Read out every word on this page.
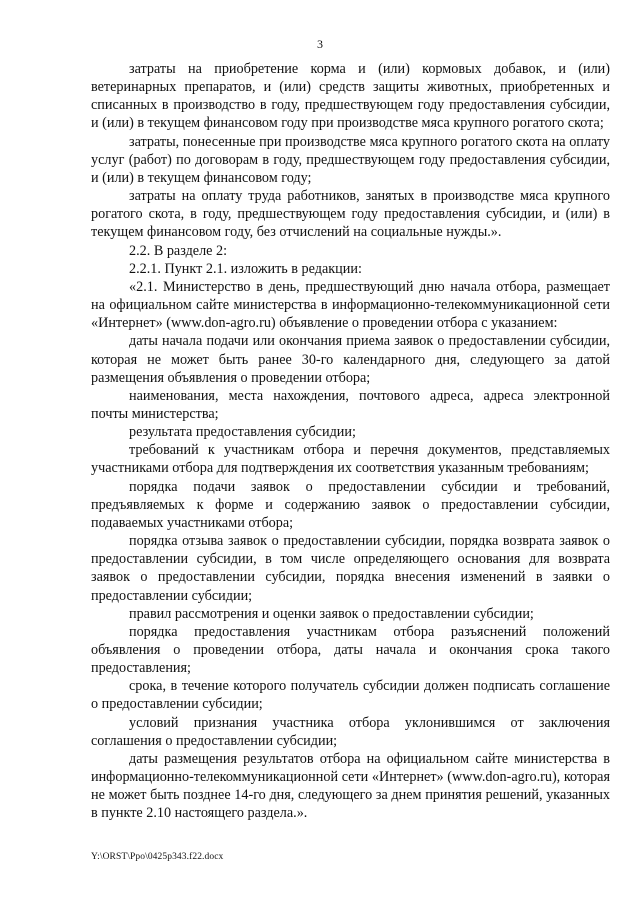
3

затраты на приобретение корма и (или) кормовых добавок, и (или) ветеринарных препаратов, и (или) средств защиты животных, приобретенных и списанных в производство в году, предшествующем году предоставления субсидии, и (или) в текущем финансовом году при производстве мяса крупного рогатого скота;

затраты, понесенные при производстве мяса крупного рогатого скота на оплату услуг (работ) по договорам в году, предшествующем году предоставления субсидии, и (или) в текущем финансовом году;

затраты на оплату труда работников, занятых в производстве мяса крупного рогатого скота, в году, предшествующем году предоставления субсидии, и (или) в текущем финансовом году, без отчислений на социальные нужды.».

2.2. В разделе 2:

2.2.1. Пункт 2.1. изложить в редакции:

«2.1. Министерство в день, предшествующий дню начала отбора, размещает на официальном сайте министерства в информационно-телекоммуникационной сети «Интернет» (www.don-agro.ru) объявление о проведении отбора с указанием:

даты начала подачи или окончания приема заявок о предоставлении субсидии, которая не может быть ранее 30-го календарного дня, следующего за датой размещения объявления о проведении отбора;

наименования, места нахождения, почтового адреса, адреса электронной почты министерства;

результата предоставления субсидии;

требований к участникам отбора и перечня документов, представляемых участниками отбора для подтверждения их соответствия указанным требованиям;

порядка подачи заявок о предоставлении субсидии и требований, предъявляемых к форме и содержанию заявок о предоставлении субсидии, подаваемых участниками отбора;

порядка отзыва заявок о предоставлении субсидии, порядка возврата заявок о предоставлении субсидии, в том числе определяющего основания для возврата заявок о предоставлении субсидии, порядка внесения изменений в заявки о предоставлении субсидии;

правил рассмотрения и оценки заявок о предоставлении субсидии;

порядка предоставления участникам отбора разъяснений положений объявления о проведении отбора, даты начала и окончания срока такого предоставления;

срока, в течение которого получатель субсидии должен подписать соглашение о предоставлении субсидии;

условий признания участника отбора уклонившимся от заключения соглашения о предоставлении субсидии;

даты размещения результатов отбора на официальном сайте министерства в информационно-телекоммуникационной сети «Интернет» (www.don-agro.ru), которая не может быть позднее 14-го дня, следующего за днем принятия решений, указанных в пункте 2.10 настоящего раздела.».

Y:\ORST\Ppo\0425p343.f22.docx
